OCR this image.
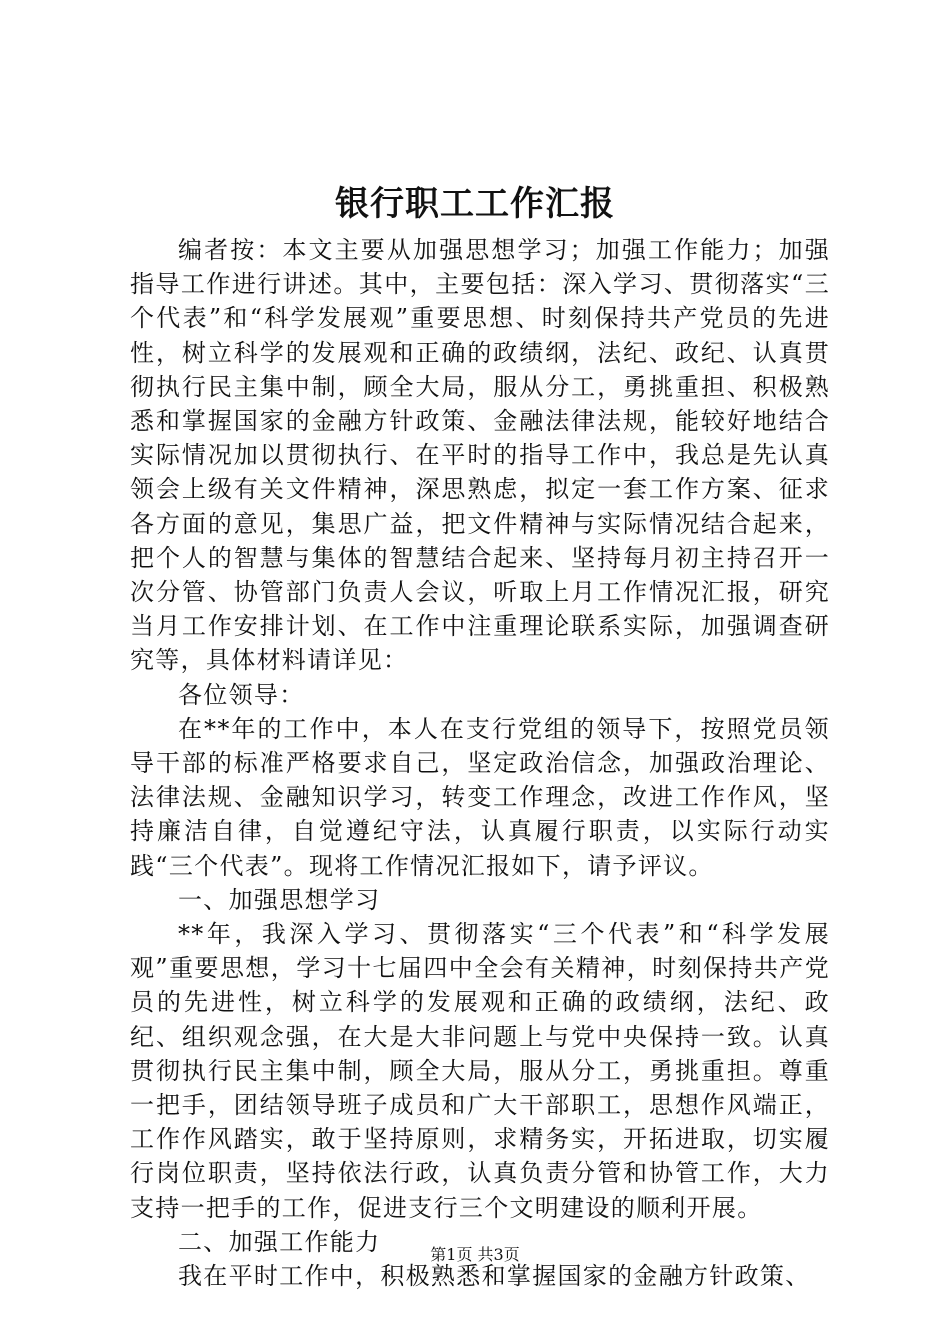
银行职工工作汇报

编者按：本文主要从加强思想学习；加强工作能力；加强指导工作进行讲述。其中，主要包括：深入学习、贯彻落实“三个代表”和“科学发展观”重要思想、时刻保持共产党员的先进性，树立科学的发展观和正确的政绩纲，法纪、政纪、认真贯彻执行民主集中制，顾全大局，服从分工，勇挑重担、积极熟悉和掌握国家的金融方针政策、金融法律法规，能较好地结合实际情况加以贯彻执行、在平时的指导工作中，我总是先认真领会上级有关文件精神，深思熟虑，拟定一套工作方案、征求各方面的意见，集思广益，把文件精神与实际情况结合起来，把个人的智慧与集体的智慧结合起来、坚持每月初主持召开一次分管、协管部门负责人会议，听取上月工作情况汇报，研究当月工作安排计划、在工作中注重理论联系实际，加强调查研究等，具体材料请详见：

各位领导：

在**年的工作中，本人在支行党组的领导下，按照党员领导干部的标准严格要求自己，坚定政治信念，加强政治理论、法律法规、金融知识学习，转变工作理念，改进工作作风，坚持廉洁自律，自觉遵纪守法，认真履行职责，以实际行动实践“三个代表”。现将工作情况汇报如下，请予评议。

一、加强思想学习

**年，我深入学习、贯彻落实“三个代表”和“科学发展观”重要思想，学习十七届四中全会有关精神，时刻保持共产党员的先进性，树立科学的发展观和正确的政绩纲，法纪、政纪、组织观念强，在大是大非问题上与党中央保持一致。认真贯彻执行民主集中制，顾全大局，服从分工，勇挑重担。尊重一把手，团结领导班子成员和广大干部职工，思想作风端正，工作作风踏实，敢于坚持原则，求精务实，开拓进取，切实履行岗位职责，坚持依法行政，认真负责分管和协管工作，大力支持一把手的工作，促进支行三个文明建设的顺利开展。

二、加强工作能力

我在平时工作中，积极熟悉和掌握国家的金融方针政策、

第1页 共3页
